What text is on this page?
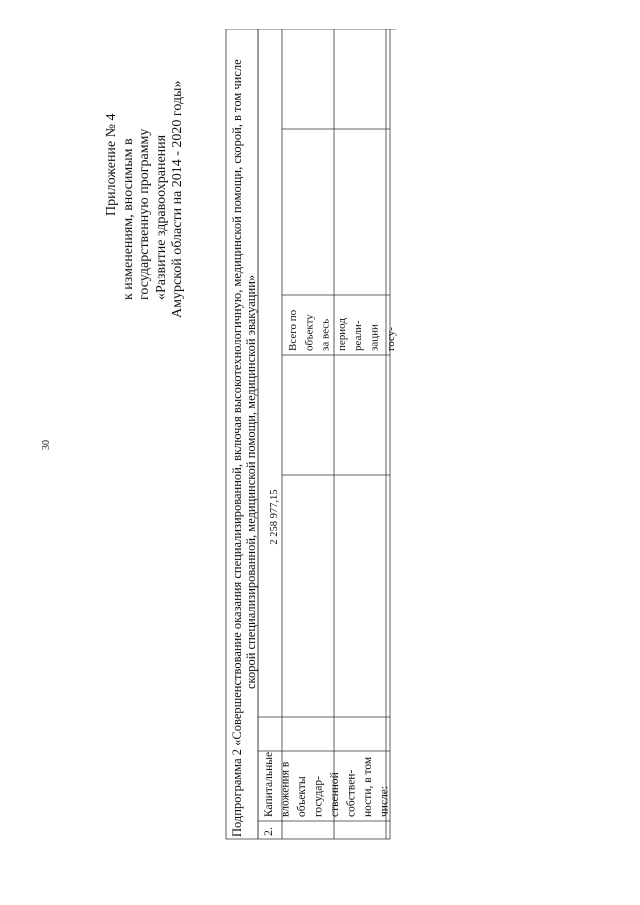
30
Приложение № 4 к изменениям, вносимым в государственную программу «Развитие здравоохранения Амурской области на 2014 - 2020 годы»	Подпрограмма 2 «Совершенствование оказания специализированной, включая высокотехнологичную, медицинской помощи, скорой, в том числе скорой специализированной, медицинской помощи, медицинской эвакуации»
2.
Капитальные вложения в объекты государ- ственной собствен- ности, в том числе:
2 258 977,15
Всего по объекту за весь период реали- зации госу-
